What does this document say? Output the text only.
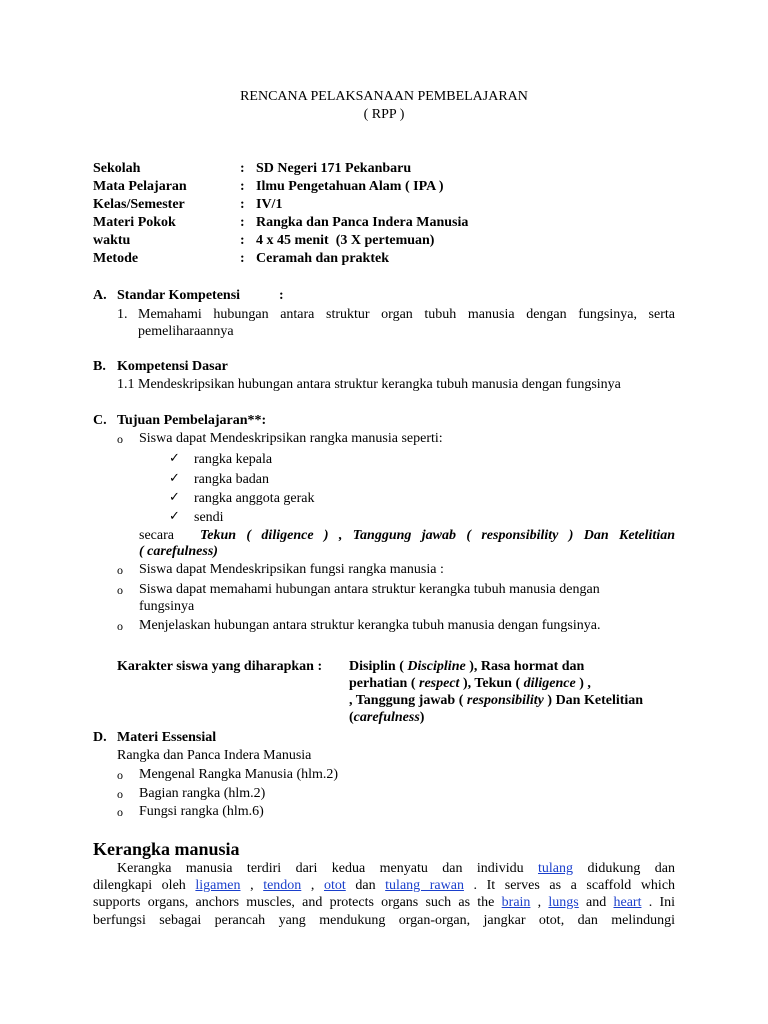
RENCANA PELAKSANAAN PEMBELAJARAN
( RPP )
Sekolah	: SD Negeri 171 Pekanbaru
Mata Pelajaran	: Ilmu Pengetahuan Alam ( IPA )
Kelas/Semester	: IV/1
Materi Pokok	: Rangka dan Panca Indera Manusia
waktu	: 4 x 45 menit  (3 X pertemuan)
Metode	: Ceramah dan praktek
A. Standar Kompetensi	:
1. Memahami hubungan antara struktur organ tubuh manusia dengan fungsinya, serta
pemeliharaannya
B. Kompetensi Dasar
1.1 Mendeskripsikan hubungan antara struktur kerangka tubuh manusia dengan fungsinya
C. Tujuan Pembelajaran**:
o Siswa dapat Mendeskripsikan rangka manusia seperti:
✓ rangka kepala
✓ rangka badan
✓ rangka anggota gerak
✓ sendi
secara Tekun ( diligence ) , Tanggung jawab ( responsibility ) Dan Ketelitian
( carefulness)
o Siswa dapat Mendeskripsikan fungsi rangka manusia :
o Siswa dapat memahami hubungan antara struktur kerangka tubuh manusia dengan
fungsinya
o Menjelaskan hubungan antara struktur kerangka tubuh manusia dengan fungsinya.
Karakter siswa yang diharapkan : Disiplin ( Discipline ), Rasa hormat dan
perhatian ( respect ), Tekun ( diligence ) ,
, Tanggung jawab ( responsibility ) Dan Ketelitian
(carefulness)
D. Materi Essensial
Rangka dan Panca Indera Manusia
o Mengenal Rangka Manusia (hlm.2)
o Bagian rangka (hlm.2)
o Fungsi rangka (hlm.6)
Kerangka manusia
Kerangka manusia terdiri dari kedua menyatu dan individu tulang didukung dan
dilengkapi oleh ligamen , tendon , otot dan tulang rawan . It serves as a scaffold which
supports organs, anchors muscles, and protects organs such as the brain , lungs and heart . Ini
berfungsi sebagai perancah yang mendukung organ-organ, jangkar otot, dan melindungi
